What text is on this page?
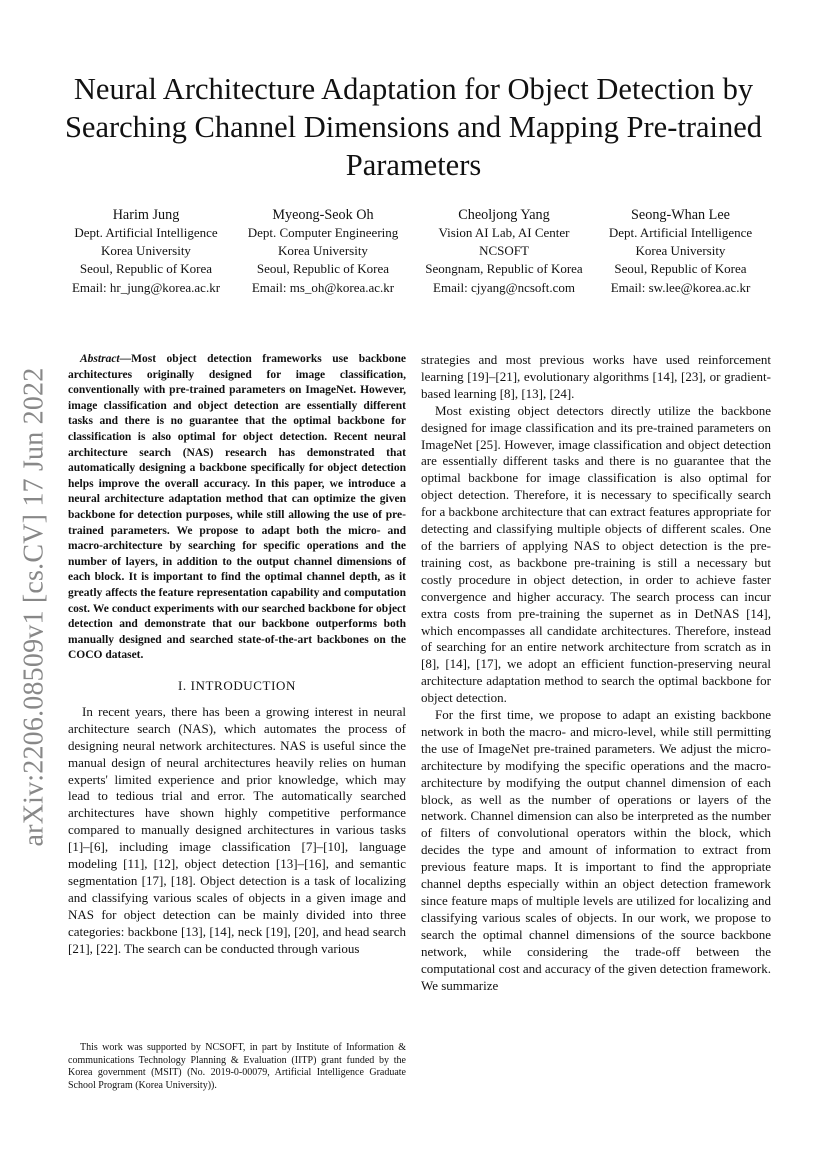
Neural Architecture Adaptation for Object Detection by Searching Channel Dimensions and Mapping Pre-trained Parameters
Harim Jung
Dept. Artificial Intelligence
Korea University
Seoul, Republic of Korea
Email: hr_jung@korea.ac.kr
Myeong-Seok Oh
Dept. Computer Engineering
Korea University
Seoul, Republic of Korea
Email: ms_oh@korea.ac.kr
Cheoljong Yang
Vision AI Lab, AI Center
NCSOFT
Seongnam, Republic of Korea
Email: cjyang@ncsoft.com
Seong-Whan Lee
Dept. Artificial Intelligence
Korea University
Seoul, Republic of Korea
Email: sw.lee@korea.ac.kr
arXiv:2206.08509v1 [cs.CV] 17 Jun 2022

Abstract—Most object detection frameworks use backbone architectures originally designed for image classification, conventionally with pre-trained parameters on ImageNet. However, image classification and object detection are essentially different tasks and there is no guarantee that the optimal backbone for classification is also optimal for object detection. Recent neural architecture search (NAS) research has demonstrated that automatically designing a backbone specifically for object detection helps improve the overall accuracy. In this paper, we introduce a neural architecture adaptation method that can optimize the given backbone for detection purposes, while still allowing the use of pre-trained parameters. We propose to adapt both the micro- and macro-architecture by searching for specific operations and the number of layers, in addition to the output channel dimensions of each block. It is important to find the optimal channel depth, as it greatly affects the feature representation capability and computation cost. We conduct experiments with our searched backbone for object detection and demonstrate that our backbone outperforms both manually designed and searched state-of-the-art backbones on the COCO dataset.

I. INTRODUCTION

In recent years, there has been a growing interest in neural architecture search (NAS), which automates the process of designing neural network architectures. NAS is useful since the manual design of neural architectures heavily relies on human experts' limited experience and prior knowledge, which may lead to tedious trial and error. The automatically searched architectures have shown highly competitive performance compared to manually designed architectures in various tasks [1]–[6], including image classification [7]–[10], language modeling [11], [12], object detection [13]–[16], and semantic segmentation [17], [18]. Object detection is a task of localizing and classifying various scales of objects in a given image and NAS for object detection can be mainly divided into three categories: backbone [13], [14], neck [19], [20], and head search [21], [22]. The search can be conducted through various

strategies and most previous works have used reinforcement learning [19]–[21], evolutionary algorithms [14], [23], or gradient-based learning [8], [13], [24].

Most existing object detectors directly utilize the backbone designed for image classification and its pre-trained parameters on ImageNet [25]. However, image classification and object detection are essentially different tasks and there is no guarantee that the optimal backbone for image classification is also optimal for object detection. Therefore, it is necessary to specifically search for a backbone architecture that can extract features appropriate for detecting and classifying multiple objects of different scales. One of the barriers of applying NAS to object detection is the pre-training cost, as backbone pre-training is still a necessary but costly procedure in object detection, in order to achieve faster convergence and higher accuracy. The search process can incur extra costs from pre-training the supernet as in DetNAS [14], which encompasses all candidate architectures. Therefore, instead of searching for an entire network architecture from scratch as in [8], [14], [17], we adopt an efficient function-preserving neural architecture adaptation method to search the optimal backbone for object detection.

For the first time, we propose to adapt an existing backbone network in both the macro- and micro-level, while still permitting the use of ImageNet pre-trained parameters. We adjust the micro-architecture by modifying the specific operations and the macro-architecture by modifying the output channel dimension of each block, as well as the number of operations or layers of the network. Channel dimension can also be interpreted as the number of filters of convolutional operators within the block, which decides the type and amount of information to extract from previous feature maps. It is important to find the appropriate channel depths especially within an object detection framework since feature maps of multiple levels are utilized for localizing and classifying various scales of objects. In our work, we propose to search the optimal channel dimensions of the source backbone network, while considering the trade-off between the computational cost and accuracy of the given detection framework. We summarize

This work was supported by NCSOFT, in part by Institute of Information & communications Technology Planning & Evaluation (IITP) grant funded by the Korea government (MSIT) (No. 2019-0-00079, Artificial Intelligence Graduate School Program (Korea University)).
